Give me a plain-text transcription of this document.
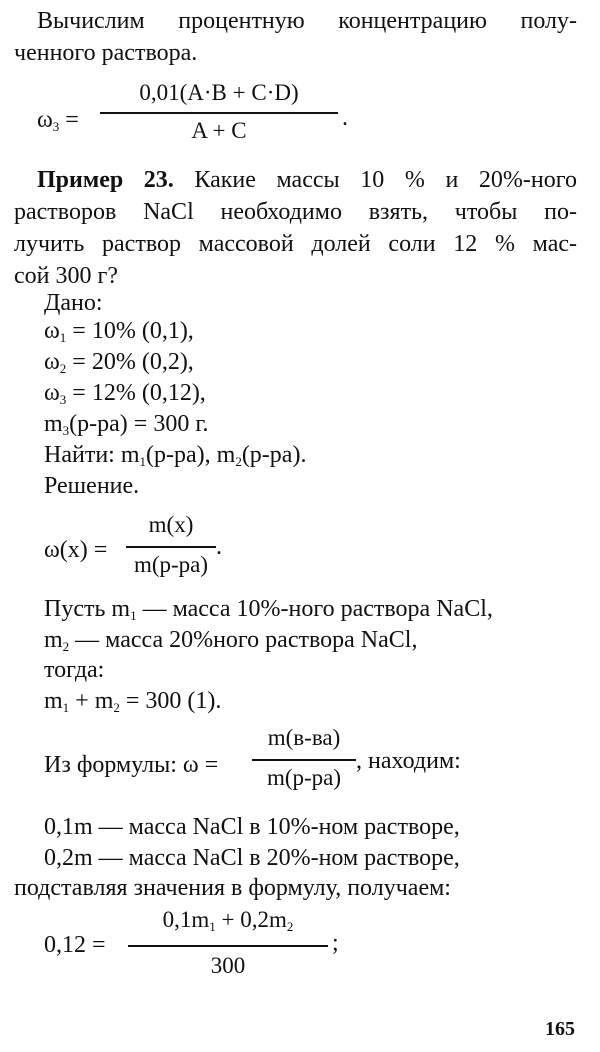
Вычислим процентную концентрацию полу-
ченного раствора.
$\omega_3$ =
0,01(A·B + C·D)
A + C	.
Пример 23. Какие массы 10 % и 20%-ного
растворов NaCl необходимо взять, чтобы по-
лучить раствор массовой долей соли 12 % мас-
сой 300 г?
Дано:
$\omega_1 = 10\%$ (0,1),
$\omega_2 = 20\%$ (0,2),
$\omega_3 = 12\%$ (0,12),
$m_3(р-ра) = 300$ г.
Найти: $m_1(р-ра)$, $m_2(р-ра)$.
Решение.
ω(x) =
m(x)
m(р-ра)
.
Пусть $m_1$ — масса 10%-ного раствора NaCl,
$m_2$ — масса 20%ного раствора NaCl,
тогда:
$m_1 + m_2 = 300$ (1).
Из формулы: ω =
m(в-ва)
m(р-ра)
, находим:
0,1m — масса NaCl в 10%-ном растворе,
0,2m — масса NaCl в 20%-ном растворе,
подставляя значения в формулу, получаем:
0,12 =
$0,1m_1 + 0,2m_2$
300
;
165
